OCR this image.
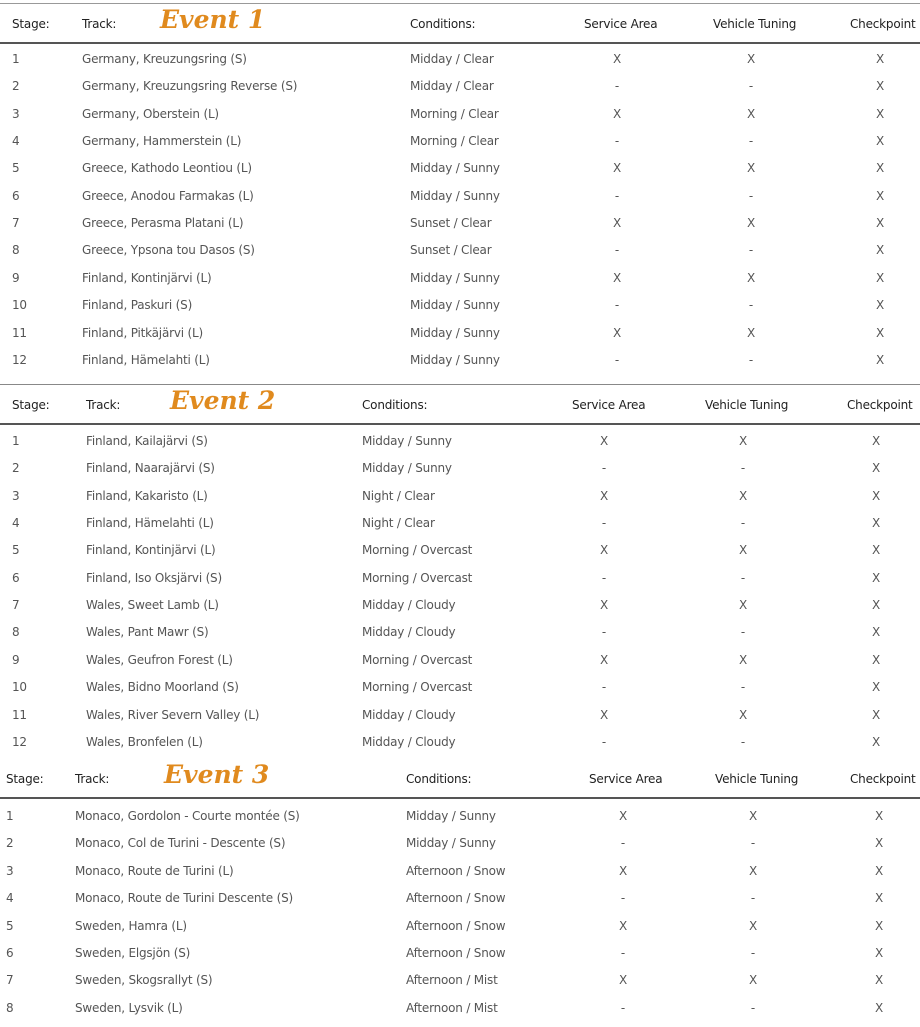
Stage:	Track:	Conditions:	Service Area	Vehicle Tuning	Checkpoint
Event 1
1	Germany, Kreuzungsring (S)	Midday / Clear	X	X	X
2	Germany, Kreuzungsring Reverse (S)	Midday / Clear	-	-	X
3	Germany, Oberstein (L)	Morning / Clear	X	X	X
4	Germany, Hammerstein (L)	Morning / Clear	-	-	X
5	Greece, Kathodo Leontiou (L)	Midday / Sunny	X	X	X
6	Greece, Anodou Farmakas (L)	Midday / Sunny	-	-	X
7	Greece, Perasma Platani (L)	Sunset / Clear	X	X	X
8	Greece, Ypsona tou Dasos (S)	Sunset / Clear	-	-	X
9	Finland, Kontinjärvi (L)	Midday / Sunny	X	X	X
10	Finland, Paskuri (S)	Midday / Sunny	-	-	X
11	Finland, Pitkäjärvi (L)	Midday / Sunny	X	X	X
12	Finland, Hämelahti (L)	Midday / Sunny	-	-	X
Stage:	Track:	Conditions:	Service Area	Vehicle Tuning	Checkpoint
Event 2
1	Finland, Kailajärvi (S)	Midday / Sunny	X	X	X
2	Finland, Naarajärvi (S)	Midday / Sunny	-	-	X
3	Finland, Kakaristo (L)	Night / Clear	X	X	X
4	Finland, Hämelahti (L)	Night / Clear	-	-	X
5	Finland, Kontinjärvi (L)	Morning / Overcast	X	X	X
6	Finland, Iso Oksjärvi (S)	Morning / Overcast	-	-	X
7	Wales, Sweet Lamb (L)	Midday / Cloudy	X	X	X
8	Wales, Pant Mawr (S)	Midday / Cloudy	-	-	X
9	Wales, Geufron Forest (L)	Morning / Overcast	X	X	X
10	Wales, Bidno Moorland (S)	Morning / Overcast	-	-	X
11	Wales, River Severn Valley (L)	Midday / Cloudy	X	X	X
12	Wales, Bronfelen (L)	Midday / Cloudy	-	-	X
Stage:	Track:	Conditions:	Service Area	Vehicle Tuning	Checkpoint
Event 3
1	Monaco, Gordolon - Courte montée (S)	Midday / Sunny	X	X	X
2	Monaco, Col de Turini - Descente (S)	Midday / Sunny	-	-	X
3	Monaco, Route de Turini (L)	Afternoon / Snow	X	X	X
4	Monaco, Route de Turini Descente (S)	Afternoon / Snow	-	-	X
5	Sweden, Hamra (L)	Afternoon / Snow	X	X	X
6	Sweden, Elgsjön (S)	Afternoon / Snow	-	-	X
7	Sweden, Skogsrallyt (S)	Afternoon / Mist	X	X	X
8	Sweden, Lysvik (L)	Afternoon / Mist	-	-	X
